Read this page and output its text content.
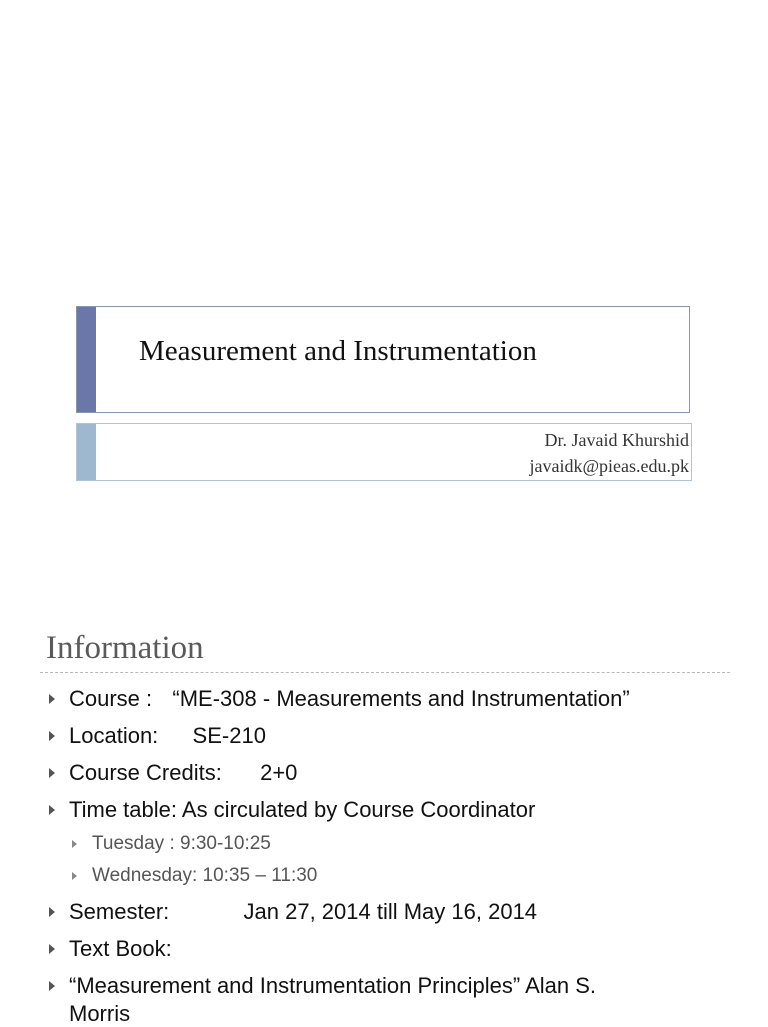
Measurement and Instrumentation
Dr. Javaid Khurshid
javaidk@pieas.edu.pk
Information
Course : “ME-308 - Measurements and Instrumentation”
Location: SE-210
Course Credits: 2+0
Time table: As circulated by Course Coordinator
Tuesday : 9:30-10:25
Wednesday: 10:35 – 11:30
Semester:	Jan 27, 2014 till May 16, 2014
Text Book:
“Measurement and Instrumentation Principles” Alan S.
Morris
